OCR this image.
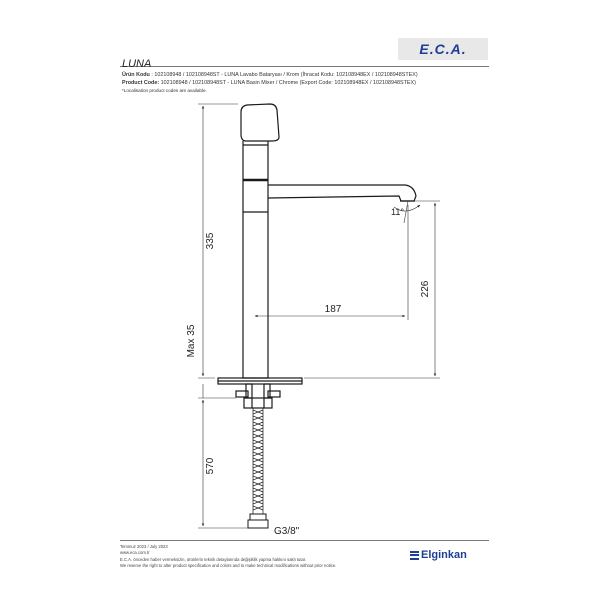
E.C.A.
LUNA
Ürün Kodu : 102108948 / 102108948ST - LUNA Lavabo Bataryası / Krom (İhracat Kodu: 102108948EX / 102108948STEX)
Product Code: 102108948 / 102108948ST - LUNA Basin Mixer / Chrome (Export Code: 102108948EX / 102108948STEX)
*Localisation product codes are available.
335
Max 35
570
187
226
11°
G3/8"
Temmuz 2023 / July 2023
www.eca.com.tr
E.C.A. önceden haber vermeksizin, ürünlerin teknik detaylarında değişiklik yapma hakkını saklı tutar.
We reserve the right to alter product specification and colors and to make technical modifications without prior notice.
Elginkan
